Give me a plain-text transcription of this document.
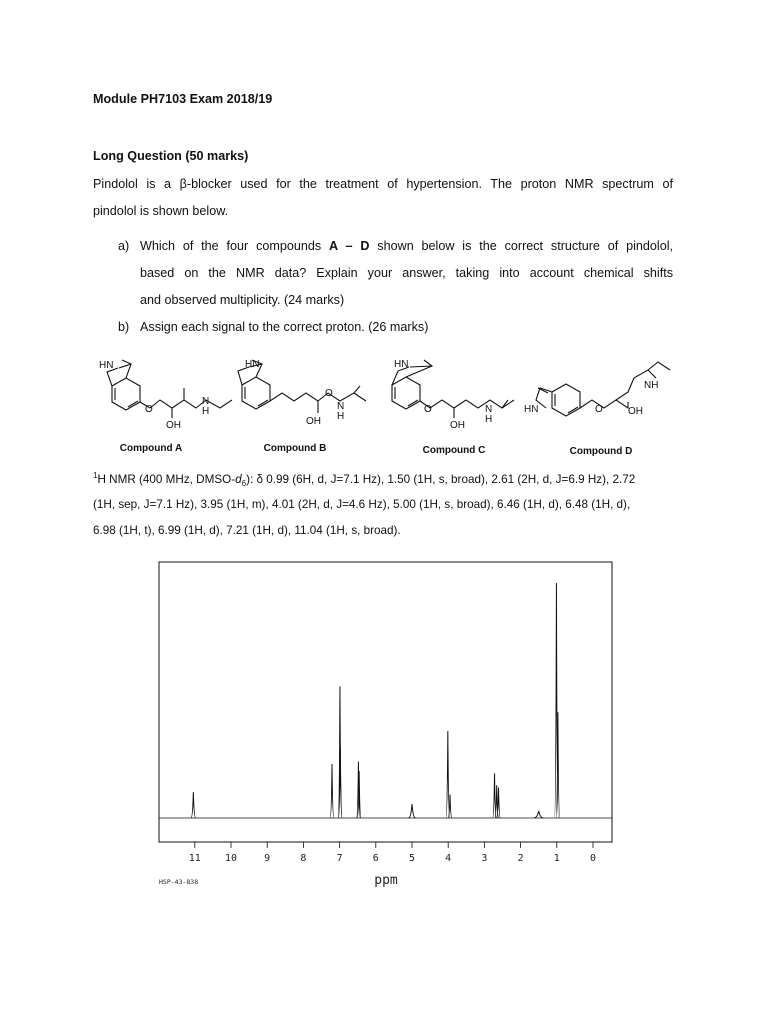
Module PH7103 Exam 2018/19
Long Question (50 marks)
Pindolol is a β-blocker used for the treatment of hypertension. The proton NMR spectrum of
pindolol is shown below.
a) Which of the four compounds A – D shown below is the correct structure of pindolol,
based on the NMR data? Explain your answer, taking into account chemical shifts
and observed multiplicity. (24 marks)
b) Assign each signal to the correct proton. (26 marks)
HN
O
OH
N
H
HN
OH
O
N
H
HN
O
OH
N
H
HN	O	OH
NH
Compound A	Compound B	Compound C	Compound D
$^1$H NMR (400 MHz, DMSO-$d_6$): δ 0.99 (6H, d, J=7.1 Hz), 1.50 (1H, s, broad), 2.61 (2H, d, J=6.9 Hz), 2.72
(1H, sep, J=7.1 Hz), 3.95 (1H, m), 4.01 (2H, d, J=4.6 Hz), 5.00 (1H, s, broad), 6.46 (1H, d), 6.48 (1H, d),
6.98 (1H, t), 6.99 (1H, d), 7.21 (1H, d), 11.04 (1H, s, broad).
11 10	9	8	7	6	5	4	3	2	1	0
ppm
HSP-43-838
